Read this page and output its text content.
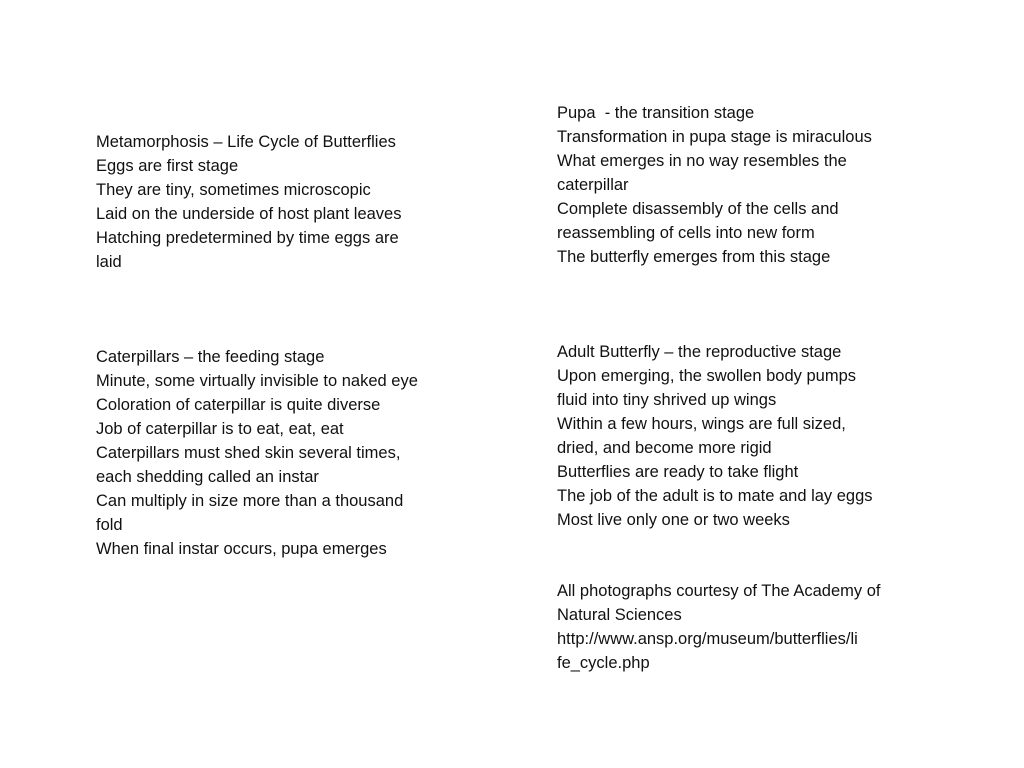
Metamorphosis – Life Cycle of Butterflies
Eggs are first stage
They are tiny, sometimes microscopic
Laid on the underside of host plant leaves
Hatching predetermined by time eggs are
laid
Caterpillars – the feeding stage
Minute, some virtually invisible to naked eye
Coloration of caterpillar is quite diverse
Job of caterpillar is to eat, eat, eat
Caterpillars must shed skin several times,
each shedding called an instar
Can multiply in size more than a thousand
fold
When final instar occurs, pupa emerges
Pupa  - the transition stage
Transformation in pupa stage is miraculous
What emerges in no way resembles the
caterpillar
Complete disassembly of the cells and
reassembling of cells into new form
The butterfly emerges from this stage
Adult Butterfly – the reproductive stage
Upon emerging, the swollen body pumps
fluid into tiny shrived up wings
Within a few hours, wings are full sized,
dried, and become more rigid
Butterflies are ready to take flight
The job of the adult is to mate and lay eggs
Most live only one or two weeks
All photographs courtesy of The Academy of
Natural Sciences
http://www.ansp.org/museum/butterflies/li
fe_cycle.php
